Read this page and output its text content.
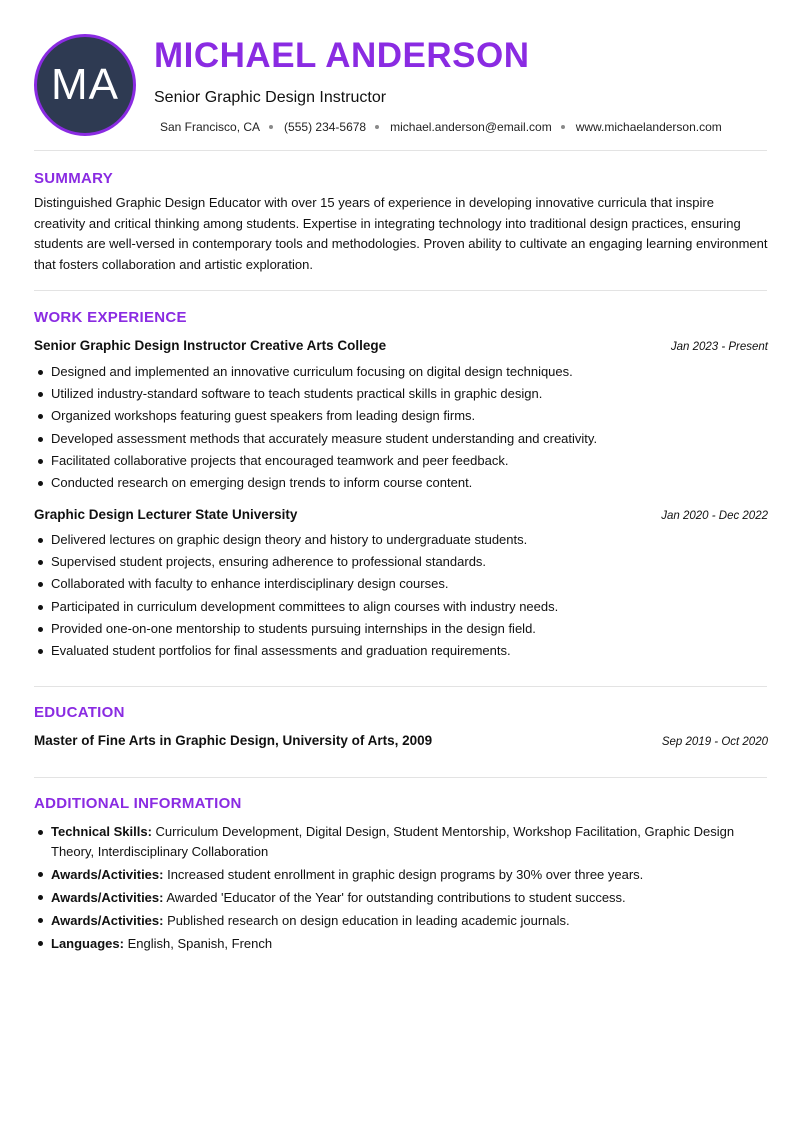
MA
MICHAEL ANDERSON
Senior Graphic Design Instructor
San Francisco, CA (555) 234-5678 michael.anderson@email.com www.michaelanderson.com
SUMMARY

Distinguished Graphic Design Educator with over 15 years of experience in developing innovative curricula that inspire creativity and critical thinking among students. Expertise in integrating technology into traditional design practices, ensuring students are well-versed in contemporary tools and methodologies. Proven ability to cultivate an engaging learning environment that fosters collaboration and artistic exploration.

WORK EXPERIENCE
Senior Graphic Design Instructor Creative Arts College	Jan 2023 - Present
Designed and implemented an innovative curriculum focusing on digital design techniques.
Utilized industry-standard software to teach students practical skills in graphic design.
Organized workshops featuring guest speakers from leading design firms.
Developed assessment methods that accurately measure student understanding and creativity.
Facilitated collaborative projects that encouraged teamwork and peer feedback.
Conducted research on emerging design trends to inform course content.
Graphic Design Lecturer State University	Jan 2020 - Dec 2022
Delivered lectures on graphic design theory and history to undergraduate students.
Supervised student projects, ensuring adherence to professional standards.
Collaborated with faculty to enhance interdisciplinary design courses.
Participated in curriculum development committees to align courses with industry needs.
Provided one-on-one mentorship to students pursuing internships in the design field.
Evaluated student portfolios for final assessments and graduation requirements.
EDUCATION
Master of Fine Arts in Graphic Design, University of Arts, 2009	Sep 2019 - Oct 2020
ADDITIONAL INFORMATION
Technical Skills: Curriculum Development, Digital Design, Student Mentorship, Workshop Facilitation, Graphic Design Theory, Interdisciplinary Collaboration
Awards/Activities: Increased student enrollment in graphic design programs by 30% over three years.
Awards/Activities: Awarded 'Educator of the Year' for outstanding contributions to student success.
Awards/Activities: Published research on design education in leading academic journals.
Languages: English, Spanish, French
